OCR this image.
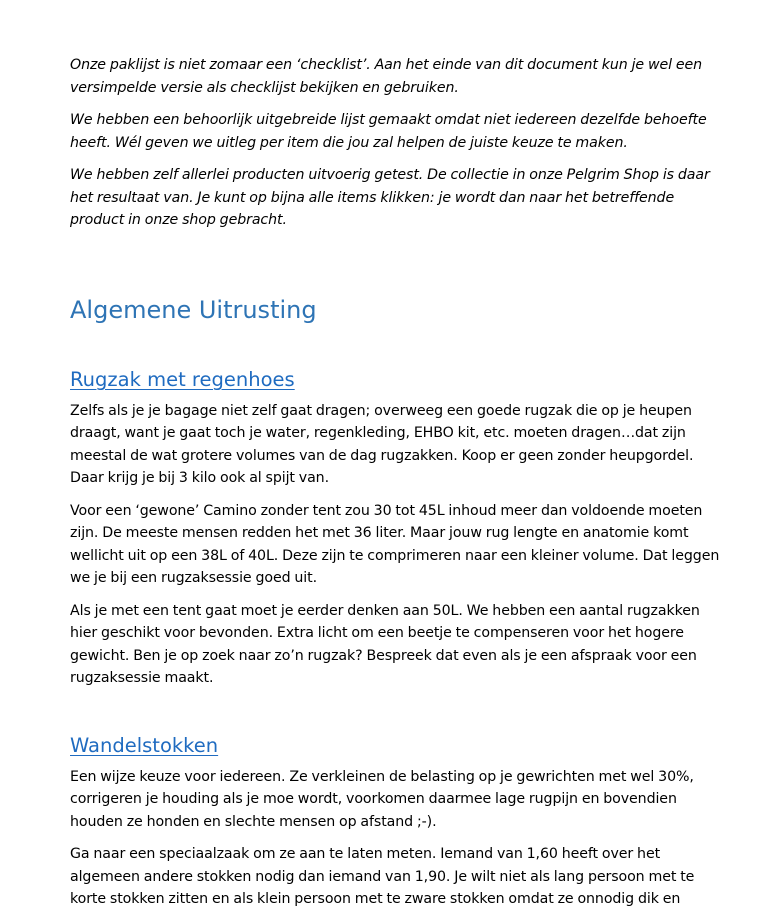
Onze paklijst is niet zomaar een ‘checklist’. Aan het einde van dit document kun je wel een versimpelde versie als checklijst bekijken en gebruiken.

We hebben een behoorlijk uitgebreide lijst gemaakt omdat niet iedereen dezelfde behoefte heeft. Wél geven we uitleg per item die jou zal helpen de juiste keuze te maken.

We hebben zelf allerlei producten uitvoerig getest. De collectie in onze Pelgrim Shop is daar het resultaat van. Je kunt op bijna alle items klikken: je wordt dan naar het betreffende product in onze shop gebracht.

Algemene Uitrusting
Rugzak met regenhoes

Zelfs als je je bagage niet zelf gaat dragen; overweeg een goede rugzak die op je heupen draagt, want je gaat toch je water, regenkleding, EHBO kit, etc. moeten dragen…dat zijn meestal de wat grotere volumes van de dag rugzakken. Koop er geen zonder heupgordel. Daar krijg je bij 3 kilo ook al spijt van.

Voor een ‘gewone’ Camino zonder tent zou 30 tot 45L inhoud meer dan voldoende moeten zijn. De meeste mensen redden het met 36 liter. Maar jouw rug lengte en anatomie komt wellicht uit op een 38L of 40L. Deze zijn te comprimeren naar een kleiner volume. Dat leggen we je bij een rugzaksessie goed uit.

Als je met een tent gaat moet je eerder denken aan 50L. We hebben een aantal rugzakken hier geschikt voor bevonden. Extra licht om een beetje te compenseren voor het hogere gewicht. Ben je op zoek naar zo’n rugzak? Bespreek dat even als je een afspraak voor een rugzaksessie maakt.

Wandelstokken

Een wijze keuze voor iedereen. Ze verkleinen de belasting op je gewrichten met wel 30%, corrigeren je houding als je moe wordt, voorkomen daarmee lage rugpijn en bovendien houden ze honden en slechte mensen op afstand ;-).

Ga naar een speciaalzaak om ze aan te laten meten. Iemand van 1,60 heeft over het algemeen andere stokken nodig dan iemand van 1,90. Je wilt niet als lang persoon met te korte stokken zitten en als klein persoon met te zware stokken omdat ze onnodig dik en
